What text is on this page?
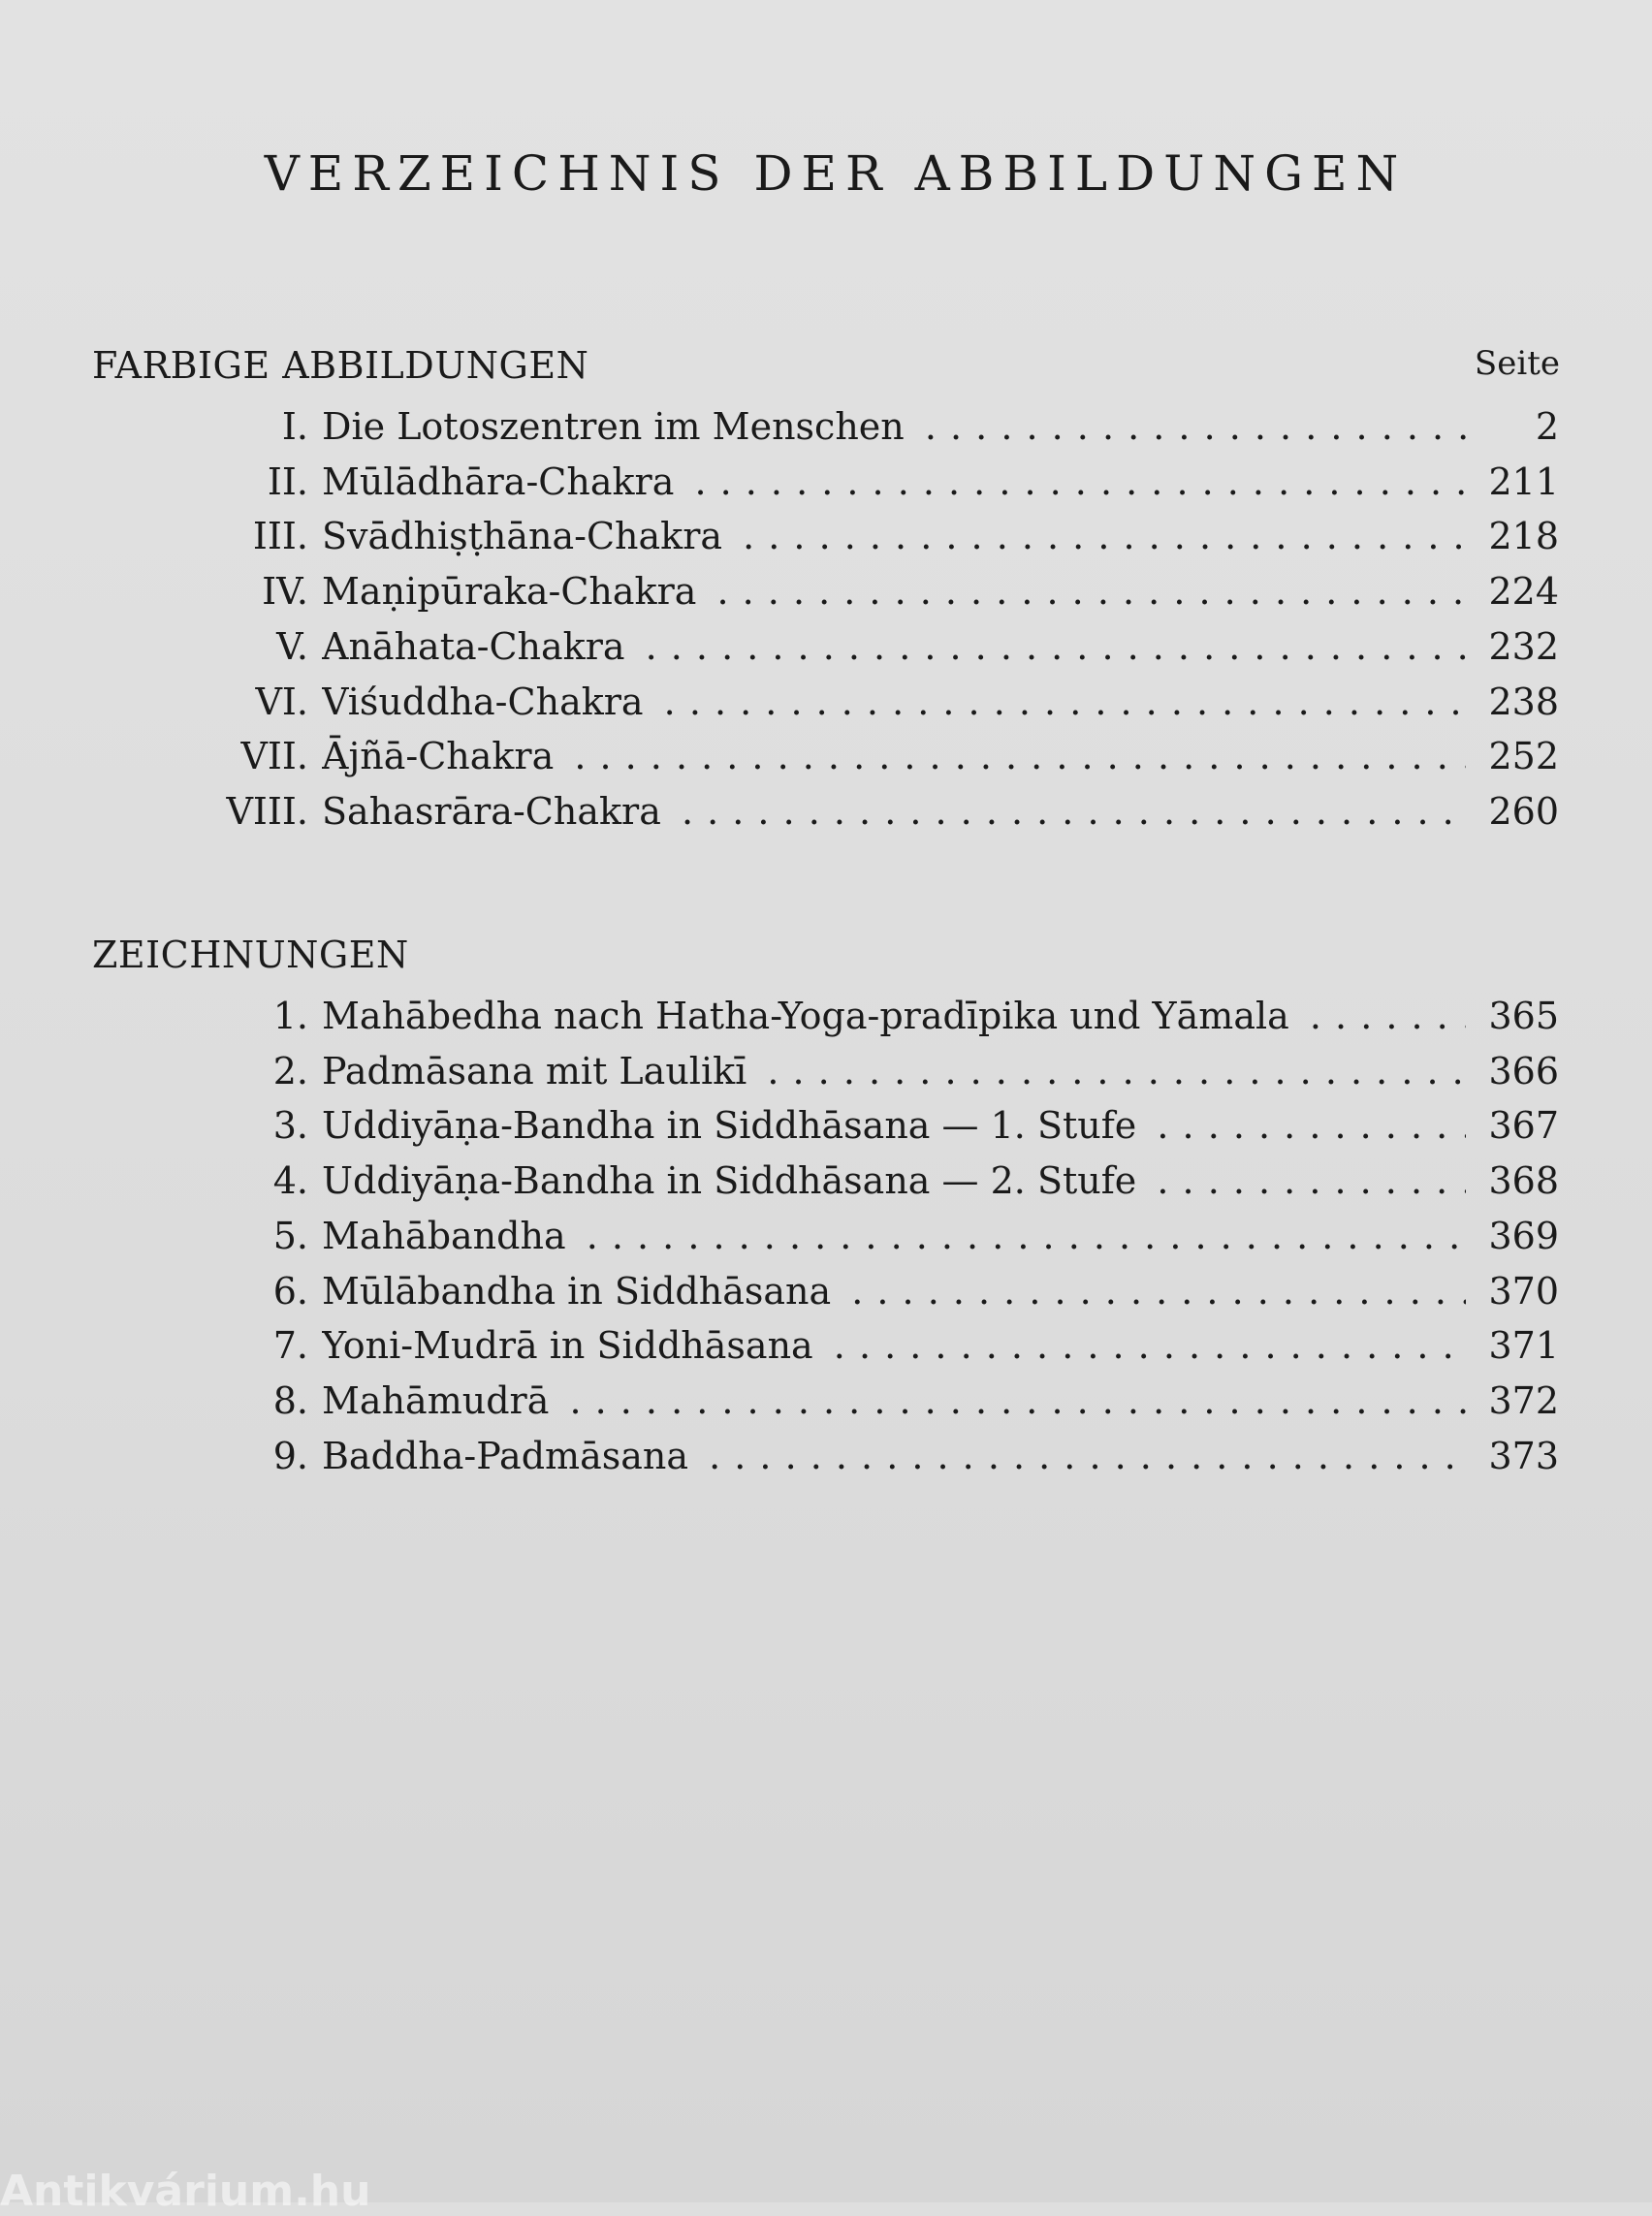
VERZEICHNIS DER ABBILDUNGEN
FARBIGE ABBILDUNGEN	Seite
I. Die Lotoszentren im Menschen . . .	2
II. Mūlādhāra-Chakra . . .	211
III. Svādhiṣṭhāna-Chakra . . .	218
IV. Maṇipūraka-Chakra . . .	224
V. Anāhata-Chakra . . .	232
VI. Viśuddha-Chakra . . .	238
VII. Ājñā-Chakra . . .	252
VIII. Sahasrāra-Chakra . . .	260
ZEICHNUNGEN
1. Mahābedha nach Hatha-Yoga-pradīpika und Yāmala . . .	365
2. Padmāsana mit Laulikī . . .	366
3. Uddiyāṇa-Bandha in Siddhāsana — 1. Stufe . . .	367
4. Uddiyāṇa-Bandha in Siddhāsana — 2. Stufe . . .	368
5. Mahābandha . . .	369
6. Mūlābandha in Siddhāsana . . .	370
7. Yoni-Mudrā in Siddhāsana . . .	371
8. Mahāmudrā . . .	372
9. Baddha-Padmāsana . . .	373
Antikvárium.hu
